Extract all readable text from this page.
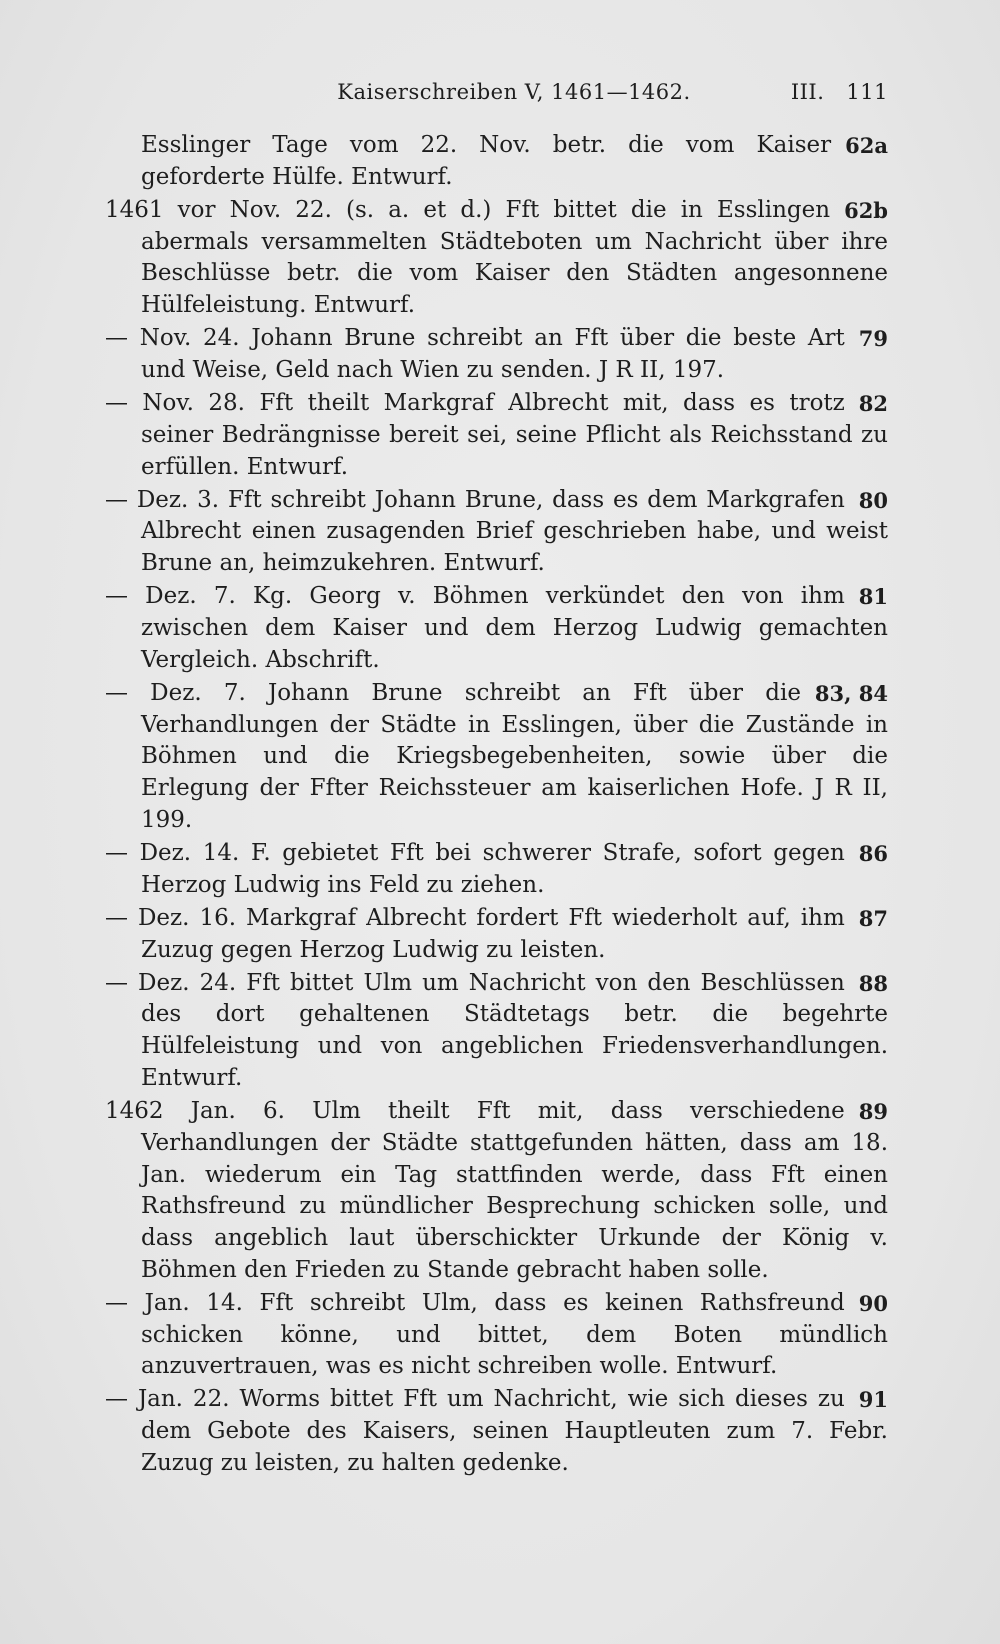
Kaiserschreiben V, 1461—1462.	III. 111

62a
Esslinger Tage vom 22. Nov. betr. die vom Kaiser geforderte Hülfe. Entwurf.

62b
1461 vor Nov. 22. (s. a. et d.) Fft bittet die in Esslingen abermals versammelten Städteboten um Nachricht über ihre Beschlüsse betr. die vom Kaiser den Städten angesonnene Hülfeleistung. Entwurf.

79
— Nov. 24. Johann Brune schreibt an Fft über die beste Art und Weise, Geld nach Wien zu senden. J R II, 197.

82
— Nov. 28. Fft theilt Markgraf Albrecht mit, dass es trotz seiner Bedrängnisse bereit sei, seine Pflicht als Reichsstand zu erfüllen. Entwurf.

80
— Dez. 3. Fft schreibt Johann Brune, dass es dem Markgrafen Albrecht einen zusagenden Brief geschrieben habe, und weist Brune an, heimzukehren. Entwurf.

81
— Dez. 7. Kg. Georg v. Böhmen verkündet den von ihm zwischen dem Kaiser und dem Herzog Ludwig gemachten Vergleich. Abschrift.

83, 84
— Dez. 7. Johann Brune schreibt an Fft über die Verhandlungen der Städte in Esslingen, über die Zustände in Böhmen und die Kriegsbegebenheiten, sowie über die Erlegung der Ffter Reichssteuer am kaiserlichen Hofe. J R II, 199.

86
— Dez. 14. F. gebietet Fft bei schwerer Strafe, sofort gegen Herzog Ludwig ins Feld zu ziehen.

87
— Dez. 16. Markgraf Albrecht fordert Fft wiederholt auf, ihm Zuzug gegen Herzog Ludwig zu leisten.

88
— Dez. 24. Fft bittet Ulm um Nachricht von den Beschlüssen des dort gehaltenen Städtetags betr. die begehrte Hülfeleistung und von angeblichen Friedensverhandlungen. Entwurf.

89
1462 Jan. 6. Ulm theilt Fft mit, dass verschiedene Verhandlungen der Städte stattgefunden hätten, dass am 18. Jan. wiederum ein Tag stattfinden werde, dass Fft einen Rathsfreund zu mündlicher Besprechung schicken solle, und dass angeblich laut überschickter Urkunde der König v. Böhmen den Frieden zu Stande gebracht haben solle.

90
— Jan. 14. Fft schreibt Ulm, dass es keinen Rathsfreund schicken könne, und bittet, dem Boten mündlich anzuvertrauen, was es nicht schreiben wolle. Entwurf.

91
— Jan. 22. Worms bittet Fft um Nachricht, wie sich dieses zu dem Gebote des Kaisers, seinen Hauptleuten zum 7. Febr. Zuzug zu leisten, zu halten gedenke.
